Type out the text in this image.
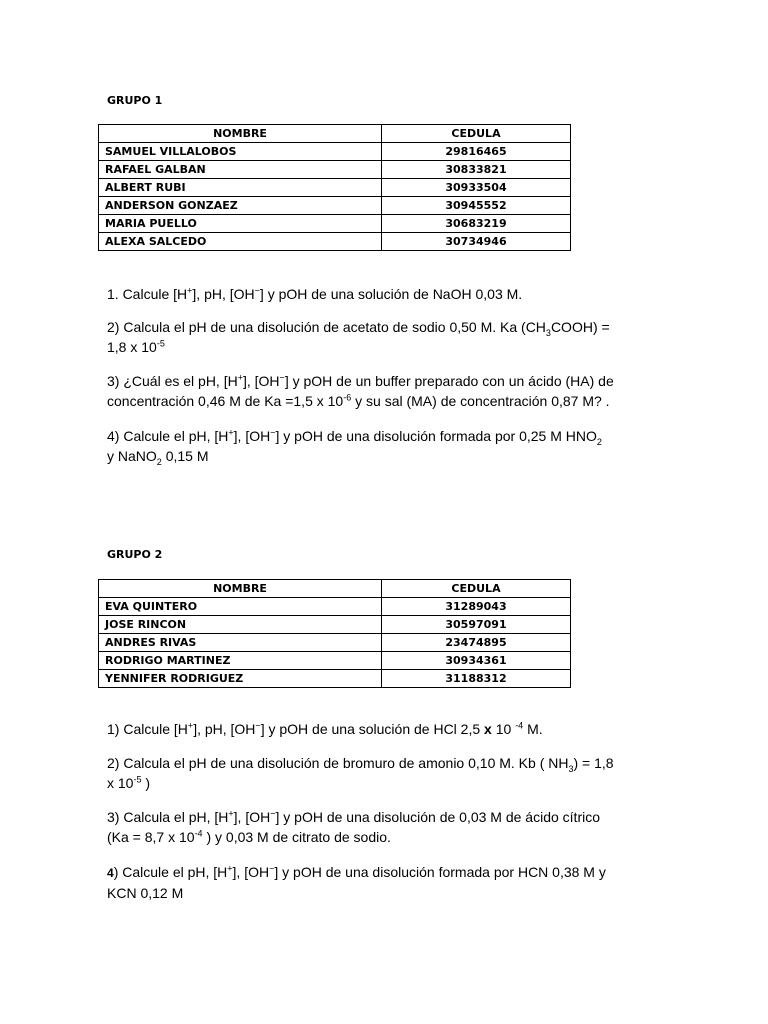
GRUPO 1

NOMBRE	CEDULA
SAMUEL VILLALOBOS	29816465
RAFAEL GALBAN	30833821
ALBERT RUBI	30933504
ANDERSON GONZAEZ	30945552
MARIA PUELLO	30683219
ALEXA SALCEDO	30734946
1. Calcule [H+], pH, [OH−] y pOH de una solución de NaOH 0,03 M.
2) Calcula el pH de una disolución de acetato de sodio 0,50 M. Ka $(CH_3COOH)$ =
1,8 x $10^{-5}$
3) ¿Cuál es el pH, [H+], [OH−] y pOH de un buffer preparado con un ácido (HA) de
concentración 0,46 M de Ka =1,5 x $10^{-6}$ y su sal (MA) de concentración 0,87 M? .
4) Calcule el pH, [H+], [OH−] y pOH de una disolución formada por 0,25 M $HNO_2$
y NaNO$_2$ 0,15 M

GRUPO 2

NOMBRE	CEDULA
EVA QUINTERO	31289043
JOSE RINCON	30597091
ANDRES RIVAS	23474895
RODRIGO MARTINEZ	30934361
YENNIFER RODRIGUEZ	31188312
1) Calcule [H+], pH, [OH−] y pOH de una solución de HCl 2,5 x 10 $^{-4}$ M.
2) Calcula el pH de una disolución de bromuro de amonio 0,10 M. Kb ( $NH_3) = 1,8$
x $10^{-5}$ )
3) Calcula el pH, [H+], [OH−] y pOH de una disolución de 0,03 M de ácido cítrico
(Ka = 8,7 x $10^{-4}$ ) y 0,03 M de citrato de sodio.
4) Calcule el pH, [H+], [OH−] y pOH de una disolución formada por HCN 0,38 M y
KCN 0,12 M
